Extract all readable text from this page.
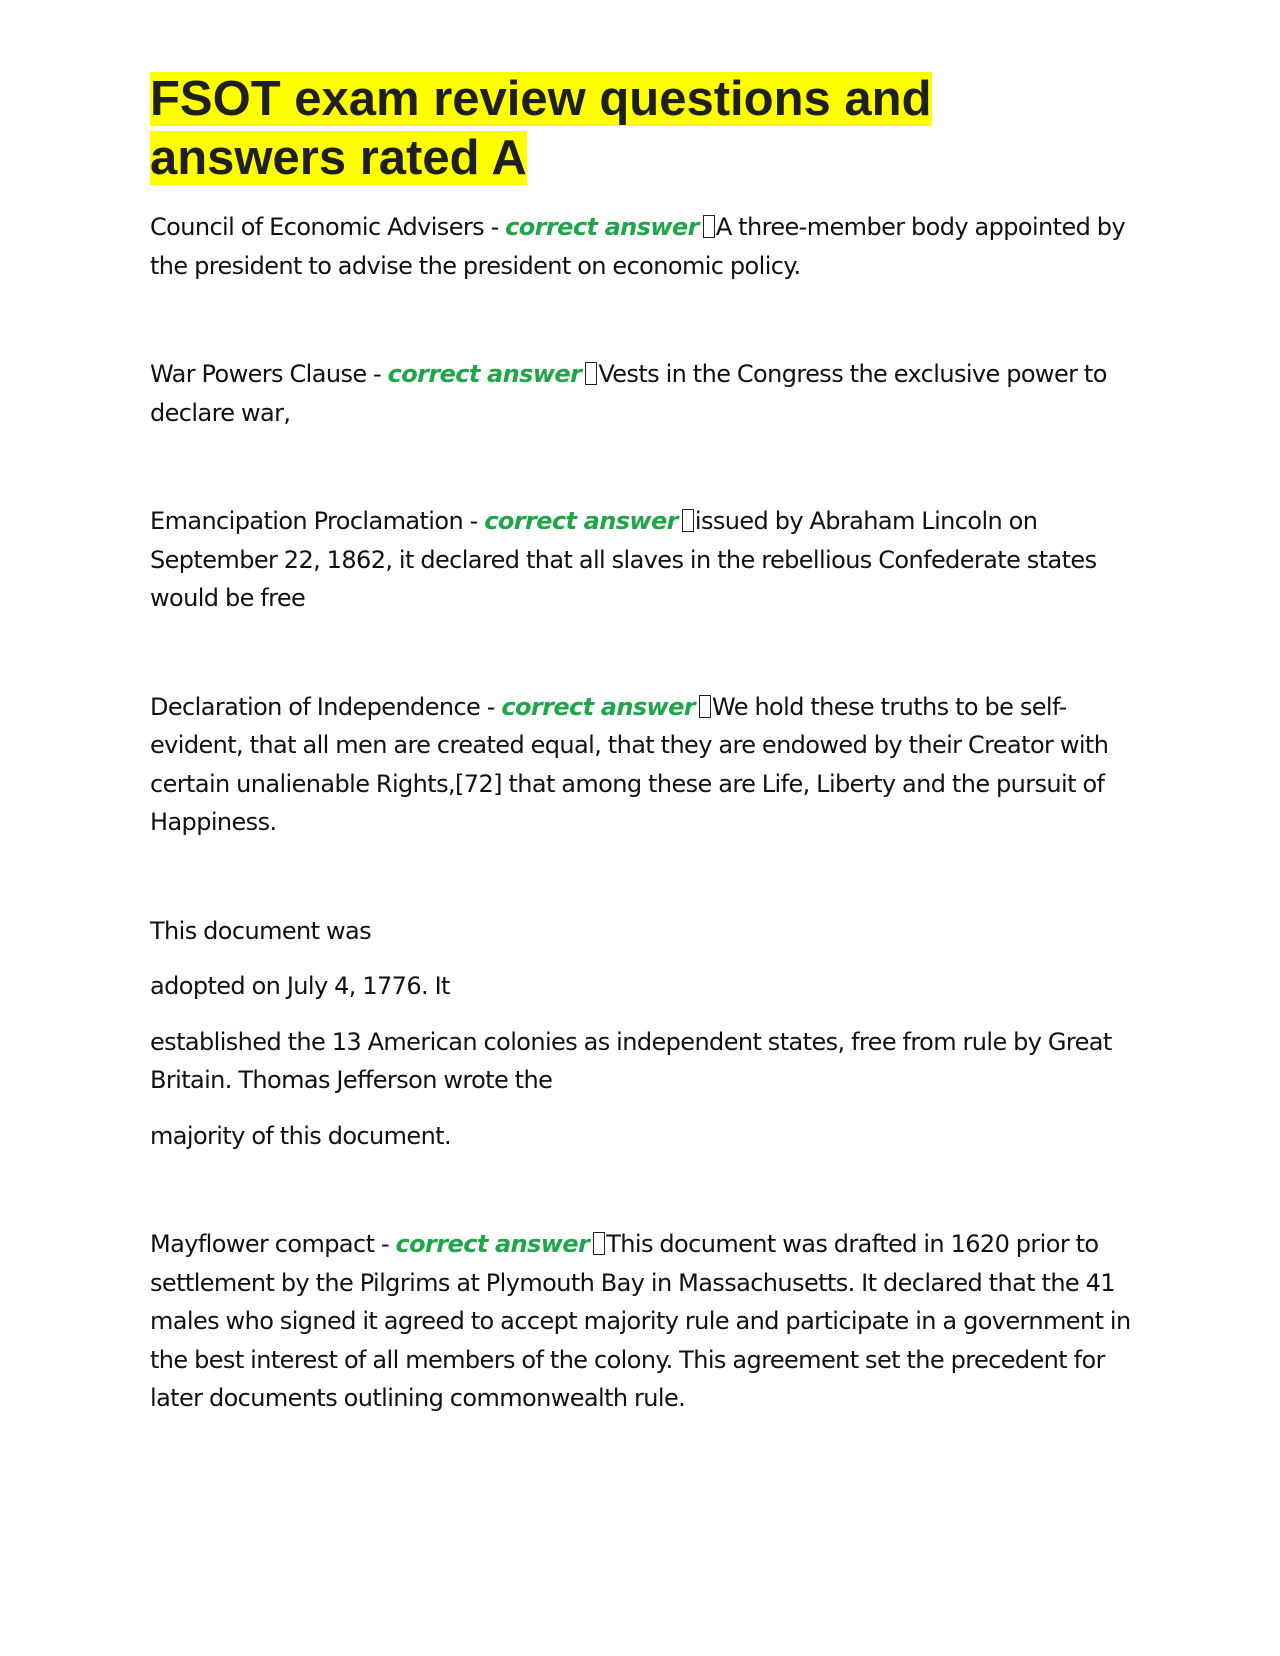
FSOT exam review questions and answers rated A

Council of Economic Advisers - correct answer A three-member body appointed by the president to advise the president on economic policy.

War Powers Clause - correct answer Vests in the Congress the exclusive power to declare war,

Emancipation Proclamation - correct answer issued by Abraham Lincoln on September 22, 1862, it declared that all slaves in the rebellious Confederate states would be free

Declaration of Independence - correct answer We hold these truths to be self-evident, that all men are created equal, that they are endowed by their Creator with certain unalienable Rights,[72] that among these are Life, Liberty and the pursuit of Happiness.

This document was

adopted on July 4, 1776. It

established the 13 American colonies as independent states, free from rule by Great Britain. Thomas Jefferson wrote the

majority of this document.

Mayflower compact - correct answer This document was drafted in 1620 prior to settlement by the Pilgrims at Plymouth Bay in Massachusetts. It declared that the 41 males who signed it agreed to accept majority rule and participate in a government in the best interest of all members of the colony. This agreement set the precedent for later documents outlining commonwealth rule.
